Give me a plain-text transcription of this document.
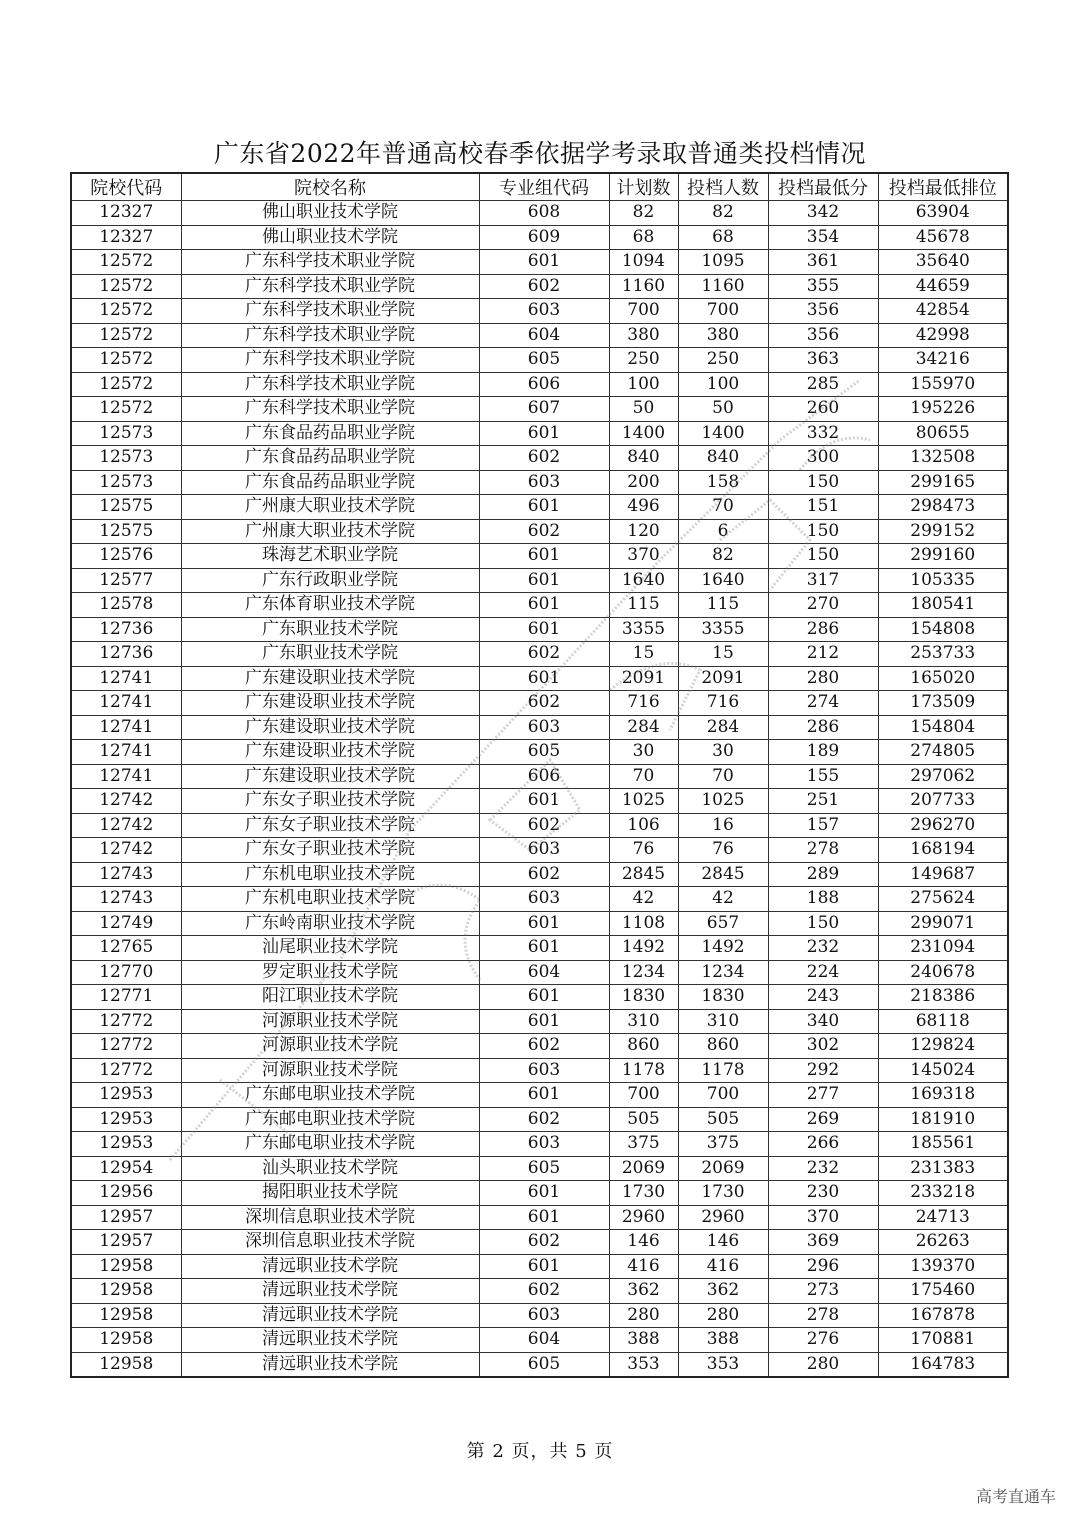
广东省2022年普通高校春季依据学考录取普通类投档情况
院校代码	院校名称	专业组代码	计划数	投档人数	投档最低分	投档最低排位
12327	佛山职业技术学院	608	82	82	342	63904
12327	佛山职业技术学院	609	68	68	354	45678
12572	广东科学技术职业学院	601	1094	1095	361	35640
12572	广东科学技术职业学院	602	1160	1160	355	44659
12572	广东科学技术职业学院	603	700	700	356	42854
12572	广东科学技术职业学院	604	380	380	356	42998
12572	广东科学技术职业学院	605	250	250	363	34216
12572	广东科学技术职业学院	606	100	100	285	155970
12572	广东科学技术职业学院	607	50	50	260	195226
12573	广东食品药品职业学院	601	1400	1400	332	80655
12573	广东食品药品职业学院	602	840	840	300	132508
12573	广东食品药品职业学院	603	200	158	150	299165
12575	广州康大职业技术学院	601	496	70	151	298473
12575	广州康大职业技术学院	602	120	6	150	299152
12576	珠海艺术职业学院	601	370	82	150	299160
12577	广东行政职业学院	601	1640	1640	317	105335
12578	广东体育职业技术学院	601	115	115	270	180541
12736	广东职业技术学院	601	3355	3355	286	154808
12736	广东职业技术学院	602	15	15	212	253733
12741	广东建设职业技术学院	601	2091	2091	280	165020
12741	广东建设职业技术学院	602	716	716	274	173509
12741	广东建设职业技术学院	603	284	284	286	154804
12741	广东建设职业技术学院	605	30	30	189	274805
12741	广东建设职业技术学院	606	70	70	155	297062
12742	广东女子职业技术学院	601	1025	1025	251	207733
12742	广东女子职业技术学院	602	106	16	157	296270
12742	广东女子职业技术学院	603	76	76	278	168194
12743	广东机电职业技术学院	602	2845	2845	289	149687
12743	广东机电职业技术学院	603	42	42	188	275624
12749	广东岭南职业技术学院	601	1108	657	150	299071
12765	汕尾职业技术学院	601	1492	1492	232	231094
12770	罗定职业技术学院	604	1234	1234	224	240678
12771	阳江职业技术学院	601	1830	1830	243	218386
12772	河源职业技术学院	601	310	310	340	68118
12772	河源职业技术学院	602	860	860	302	129824
12772	河源职业技术学院	603	1178	1178	292	145024
12953	广东邮电职业技术学院	601	700	700	277	169318
12953	广东邮电职业技术学院	602	505	505	269	181910
12953	广东邮电职业技术学院	603	375	375	266	185561
12954	汕头职业技术学院	605	2069	2069	232	231383
12956	揭阳职业技术学院	601	1730	1730	230	233218
12957	深圳信息职业技术学院	601	2960	2960	370	24713
12957	深圳信息职业技术学院	602	146	146	369	26263
12958	清远职业技术学院	601	416	416	296	139370
12958	清远职业技术学院	602	362	362	273	175460
12958	清远职业技术学院	603	280	280	278	167878
12958	清远职业技术学院	604	388	388	276	170881
12958	清远职业技术学院	605	353	353	280	164783
第 2 页，共 5 页
高考直通车
